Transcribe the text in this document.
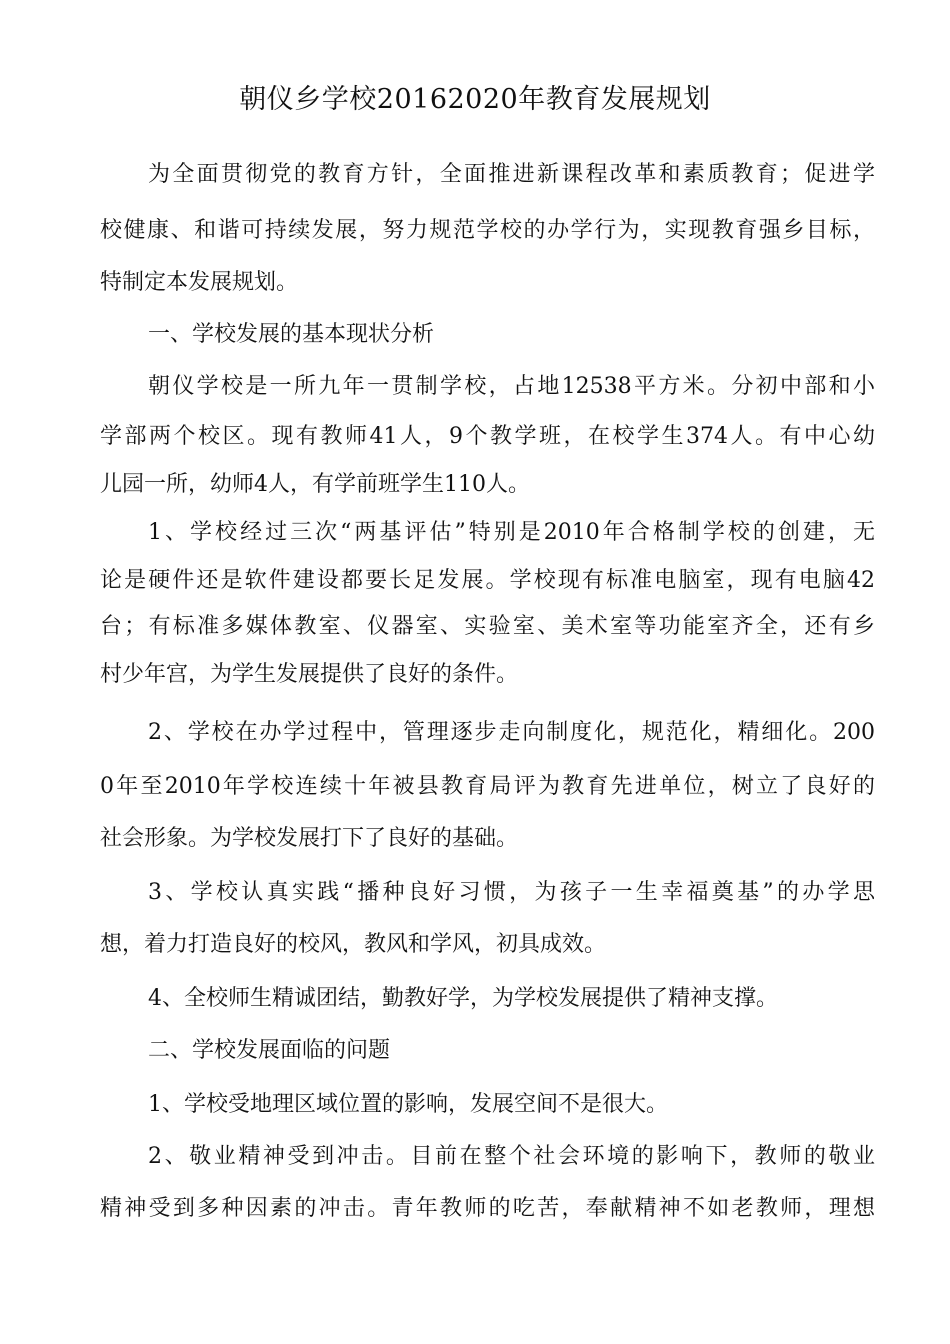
朝仪乡学校20162020年教育发展规划
为全面贯彻党的教育方针，全面推进新课程改革和素质教育；促进学
校健康、和谐可持续发展，努力规范学校的办学行为，实现教育强乡目标，
特制定本发展规划。
一、学校发展的基本现状分析
朝仪学校是一所九年一贯制学校，占地12538平方米。分初中部和小
学部两个校区。现有教师41人，9个教学班，在校学生374人。有中心幼
儿园一所，幼师4人，有学前班学生110人。
1、学校经过三次“两基评估”特别是2010年合格制学校的创建，无
论是硬件还是软件建设都要长足发展。学校现有标准电脑室，现有电脑42
台；有标准多媒体教室、仪器室、实验室、美术室等功能室齐全，还有乡
村少年宫，为学生发展提供了良好的条件。
2、学校在办学过程中，管理逐步走向制度化，规范化，精细化。200
0年至2010年学校连续十年被县教育局评为教育先进单位，树立了良好的
社会形象。为学校发展打下了良好的基础。
3、学校认真实践“播种良好习惯，为孩子一生幸福奠基”的办学思
想，着力打造良好的校风，教风和学风，初具成效。
4、全校师生精诚团结，勤教好学，为学校发展提供了精神支撑。
二、学校发展面临的问题
1、学校受地理区域位置的影响，发展空间不是很大。
2、敬业精神受到冲击。目前在整个社会环境的影响下，教师的敬业
精神受到多种因素的冲击。青年教师的吃苦，奉献精神不如老教师，理想
